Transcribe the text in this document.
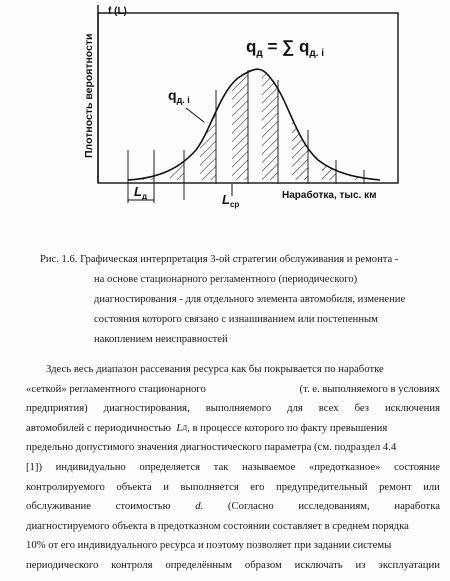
Плотность вероятности
f (L)
$q_д$ = ∑ $q_{д. i}$
$q_{д. i}$
$L_д$	$L_{ср}$
Наработка, тыс. км
Рис. 1.6. Графическая интерпретация 3-ой стратегии обслуживания и ремонта -
на основе стационарного регламентного (периодического)
диагностирования - для отдельного элемента автомобиля, изменение
состояния которого связано с изнашиванием или постепенным
накоплением неисправностей
Здесь весь диапазон рассевания ресурса как бы покрывается по наработке
«сеткой» регламентного стационарного	(т. е. выполняемого в условиях
предприятия) диагностирования, выполняемого для всех без исключения
автомобилей с периодичностью
L Д , в процессе которого по факту превышения
предельно допустимого значения диагностического параметра (см. подраздел 4.4
[1]) индивидуально определяется так называемое «предотказное» состояние
контролируемого объекта и выполняется его предупредительный ремонт или
обслуживание стоимостью d. (Согласно исследованиям, наработка
диагностируемого объекта в предотказном состоянии составляет в среднем порядка
10% от его индивидуального ресурса и поэтому позволяет при задании системы
периодического контроля определённым образом исключать из эксплуатации
